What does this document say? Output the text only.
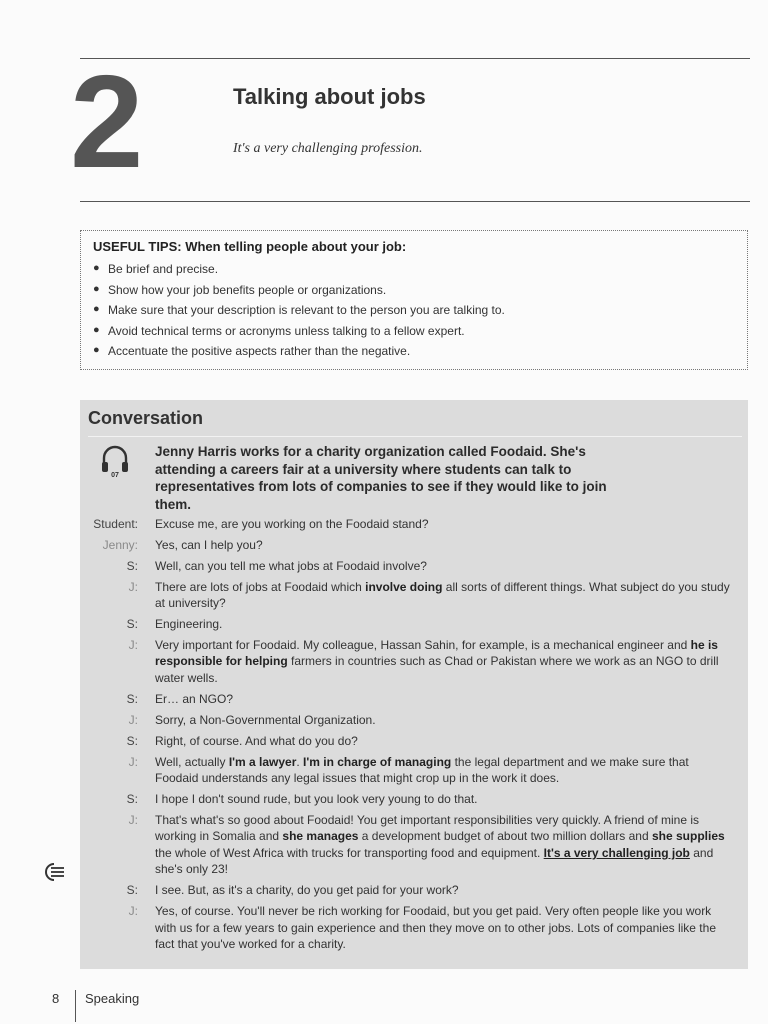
2	Talking about jobs
It's a very challenging profession.
USEFUL TIPS: When telling people about your job:
● Be brief and precise.
● Show how your job benefits people or organizations.
● Make sure that your description is relevant to the person you are talking to.
● Avoid technical terms or acronyms unless talking to a fellow expert.
● Accentuate the positive aspects rather than the negative.
Conversation
07
Jenny Harris works for a charity organization called Foodaid. She's attending a careers fair at a university where students can talk to representatives from lots of companies to see if they would like to join them.
Student: Excuse me, are you working on the Foodaid stand?
Jenny: Yes, can I help you?
S: Well, can you tell me what jobs at Foodaid involve?
J: There are lots of jobs at Foodaid which involve doing all sorts of different things. What subject do you study at university?
S: Engineering.
J: Very important for Foodaid. My colleague, Hassan Sahin, for example, is a mechanical engineer and he is responsible for helping farmers in countries such as Chad or Pakistan where we work as an NGO to drill water wells.
S: Er… an NGO?
J: Sorry, a Non-Governmental Organization.
S: Right, of course. And what do you do?
J: Well, actually I'm a lawyer. I'm in charge of managing the legal department and we make sure that Foodaid understands any legal issues that might crop up in the work it does.
S: I hope I don't sound rude, but you look very young to do that.
J: That's what's so good about Foodaid! You get important responsibilities very quickly. A friend of mine is working in Somalia and she manages a development budget of about two million dollars and she supplies the whole of West Africa with trucks for transporting food and equipment. It's a very challenging job and she's only 23!
S: I see. But, as it's a charity, do you get paid for your work?
J: Yes, of course. You'll never be rich working for Foodaid, but you get paid. Very often people like you work with us for a few years to gain experience and then they move on to other jobs. Lots of companies like the fact that you've worked for a charity.
8 Speaking
